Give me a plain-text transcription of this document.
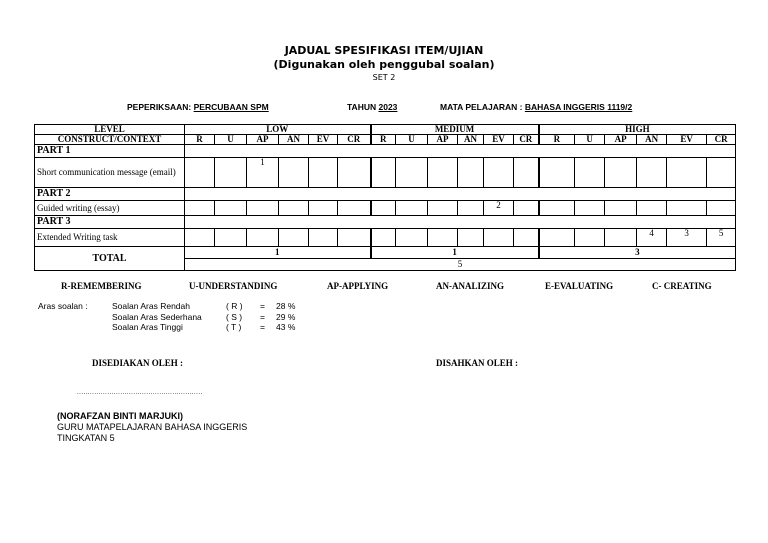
JADUAL SPESIFIKASI ITEM/UJIAN
(Digunakan oleh penggubal soalan)
SET 2
PEPERIKSAAN: PERCUBAAN SPM	TAHUN 2023	MATA PELAJARAN : BAHASA INGGERIS 1119/2
LEVEL	LOW						MEDIUM						HIGH					
CONSTRUCT/CONTEXT	R	U	AP	AN	EV	CR	R	U	AP	AN	EV	CR	R	U	AP	AN	EV	CR
PART 1																		
Short communication message (email)			1															
PART 2																		
Guided writing (essay)											2							
PART 3																		
Extended Writing task																4	3	5
TOTAL	1						1						3					
	5																	
R-REMEMBERING	U-UNDERSTANDING	AP-APPLYING	AN-ANALIZING	E-EVALUATING	C- CREATING
Aras soalan :	Soalan Aras Rendah	( R ) = 28 %
Soalan Aras Sederhana	( S ) = 29 %
Soalan Aras Tinggi	( T ) = 43 %
DISEDIAKAN OLEH :	DISAHKAN OLEH :
..........................................................
(NORAFZAN BINTI MARJUKI)
GURU MATAPELAJARAN BAHASA INGGERIS
TINGKATAN 5
